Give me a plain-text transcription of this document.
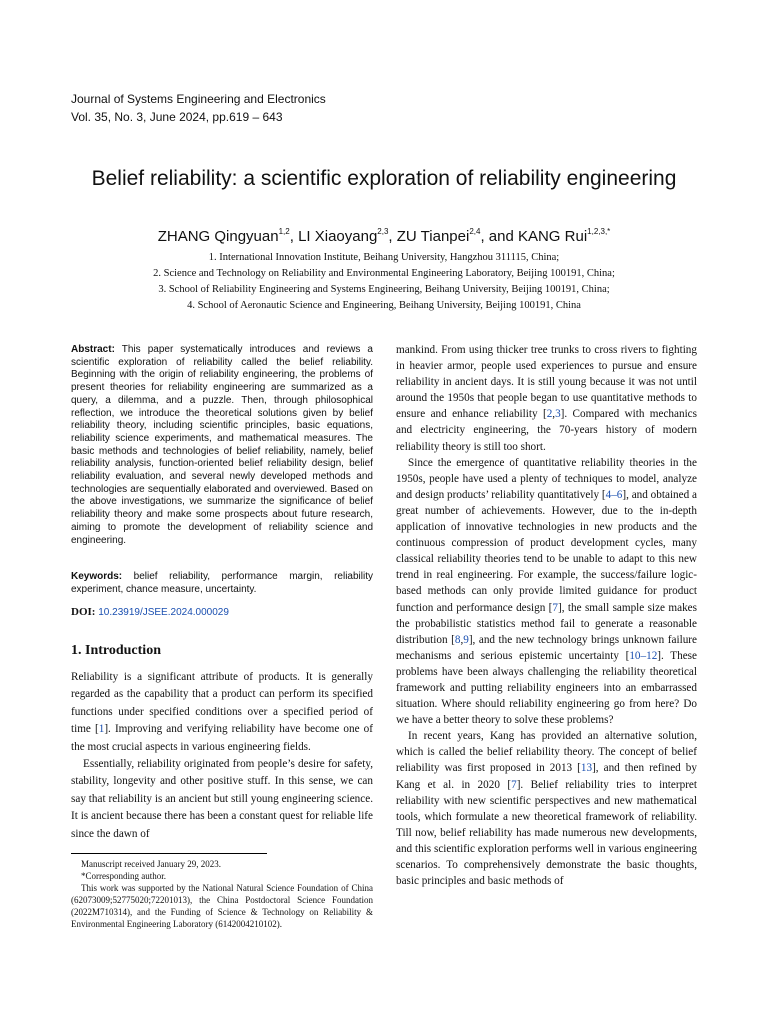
Journal of Systems Engineering and Electronics
Vol. 35, No. 3, June 2024, pp.619 – 643
Belief reliability: a scientific exploration of reliability engineering
ZHANG Qingyuan$^{1,2}$, LI Xiaoyang$^{2,3}$, ZU Tianpei$^{2,4}$, and KANG Rui$^{1,2,3,*}$
1. International Innovation Institute, Beihang University, Hangzhou 311115, China;
2. Science and Technology on Reliability and Environmental Engineering Laboratory, Beijing 100191, China;
3. School of Reliability Engineering and Systems Engineering, Beihang University, Beijing 100191, China;
4. School of Aeronautic Science and Engineering, Beihang University, Beijing 100191, China
Abstract: This paper systematically introduces and reviews a scientific exploration of reliability called the belief reliability. Beginning with the origin of reliability engineering, the problems of present theories for reliability engineering are summarized as a query, a dilemma, and a puzzle. Then, through philosophical reflection, we introduce the theoretical solutions given by belief reliability theory, including scientific principles, basic equations, reliability science experiments, and mathematical measures. The basic methods and technologies of belief reliability, namely, belief reliability analysis, function-oriented belief reliability design, belief reliability evaluation, and several newly developed methods and technologies are sequentially elaborated and overviewed. Based on the above investigations, we summarize the significance of belief reliability theory and make some prospects about future research, aiming to promote the development of reliability science and engineering.
Keywords: belief reliability, performance margin, reliability experiment, chance measure, uncertainty.
DOI: 10.23919/JSEE.2024.000029
1. Introduction

Reliability is a significant attribute of products. It is generally regarded as the capability that a product can perform its specified functions under specified conditions over a specified period of time [1]. Improving and verifying reliability have become one of the most crucial aspects in various engineering fields.

Essentially, reliability originated from people’s desire for safety, stability, longevity and other positive stuff. In this sense, we can say that reliability is an ancient but still young engineering science. It is ancient because there has been a constant quest for reliable life since the dawn of

mankind. From using thicker tree trunks to cross rivers to fighting in heavier armor, people used experiences to pursue and ensure reliability in ancient days. It is still young because it was not until around the 1950s that people began to use quantitative methods to ensure and enhance reliability [2,3]. Compared with mechanics and electricity engineering, the 70-years history of modern reliability theory is still too short.

Since the emergence of quantitative reliability theories in the 1950s, people have used a plenty of techniques to model, analyze and design products’ reliability quantitatively [4–6], and obtained a great number of achievements. However, due to the in-depth application of innovative technologies in new products and the continuous compression of product development cycles, many classical reliability theories tend to be unable to adapt to this new trend in real engineering. For example, the success/failure logic-based methods can only provide limited guidance for product function and performance design [7], the small sample size makes the probabilistic statistics method fail to generate a reasonable distribution [8,9], and the new technology brings unknown failure mechanisms and serious epistemic uncertainty [10–12]. These problems have been always challenging the reliability theoretical framework and putting reliability engineers into an embarrassed situation. Where should reliability engineering go from here? Do we have a better theory to solve these problems?

In recent years, Kang has provided an alternative solution, which is called the belief reliability theory. The concept of belief reliability was first proposed in 2013 [13], and then refined by Kang et al. in 2020 [7]. Belief reliability tries to interpret reliability with new scientific perspectives and new mathematical tools, which formulate a new theoretical framework of reliability. Till now, belief reliability has made numerous new developments, and this scientific exploration performs well in various engineering scenarios. To comprehensively demonstrate the basic thoughts, basic principles and basic methods of

Manuscript received January 29, 2023.

*Corresponding author.

This work was supported by the National Natural Science Foundation of China (62073009;52775020;72201013), the China Postdoctoral Science Foundation (2022M710314), and the Funding of Science & Technology on Reliability & Environmental Engineering Laboratory (6142004210102).
